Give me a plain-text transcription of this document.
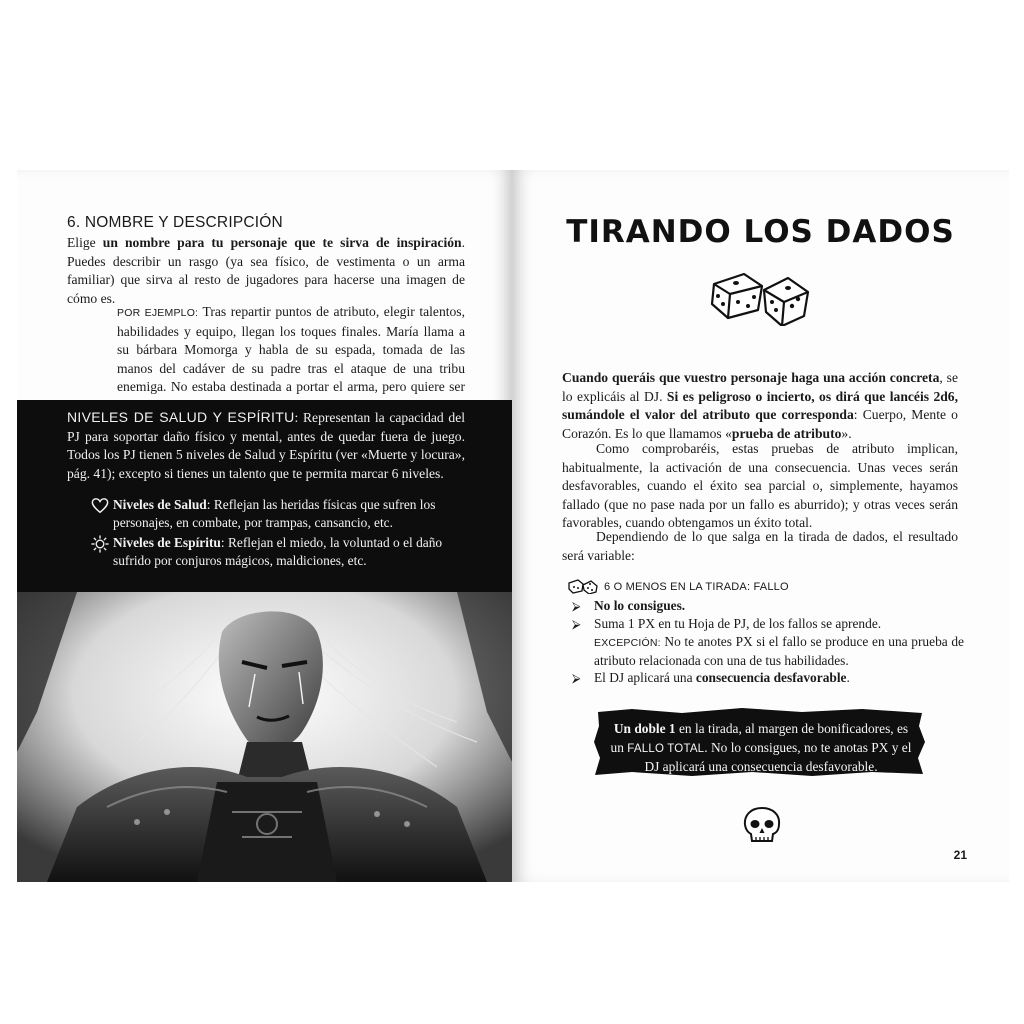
6. NOMBRE Y DESCRIPCIÓN
Elige un nombre para tu personaje que te sirva de inspiración. Puedes describir un rasgo (ya sea físico, de vestimenta o un arma familiar) que sirva al resto de jugadores para hacerse una imagen de cómo es.
POR EJEMPLO: Tras repartir puntos de atributo, elegir talentos, habilidades y equipo, llegan los toques finales. María llama a su bárbara Momorga y habla de su espada, tomada de las manos del cadáver de su padre tras el ataque de una tribu enemiga. No estaba destinada a portar el arma, pero quiere ser
NIVELES DE SALUD Y ESPÍRITU: Representan la capacidad del PJ para soportar daño físico y mental, antes de quedar fuera de juego. Todos los PJ tienen 5 niveles de Salud y Espíritu (ver «Muerte y locura», pág. 41); excepto si tienes un talento que te permita marcar 6 niveles.
Niveles de Salud: Reflejan las heridas físicas que sufren los personajes, en combate, por trampas, cansancio, etc.
Niveles de Espíritu: Reflejan el miedo, la voluntad o el daño sufrido por conjuros mágicos, maldiciones, etc.
TIRANDO LOS DADOS
Cuando queráis que vuestro personaje haga una acción concreta, se lo explicáis al DJ. Si es peligroso o incierto, os dirá que lancéis 2d6, sumándole el valor del atributo que corresponda: Cuerpo, Mente o Corazón. Es lo que llamamos «prueba de atributo».
Como comprobaréis, estas pruebas de atributo implican, habitualmente, la activación de una consecuencia. Unas veces serán desfavorables, cuando el éxito sea parcial o, simplemente, hayamos fallado (que no pase nada por un fallo es aburrido); y otras veces serán favorables, cuando obtengamos un éxito total.
Dependiendo de lo que salga en la tirada de dados, el resultado será variable:
6 O MENOS EN LA TIRADA: FALLO
⮚ No lo consigues.
⮚ Suma 1 PX en tu Hoja de PJ, de los fallos se aprende.
EXCEPCIÓN: No te anotes PX si el fallo se produce en una prueba de atributo relacionada con una de tus habilidades.
⮚ El DJ aplicará una consecuencia desfavorable.
Un doble 1 en la tirada, al margen de bonificadores, es un FALLO TOTAL. No lo consigues, no te anotas PX y el DJ aplicará una consecuencia desfavorable.
21
